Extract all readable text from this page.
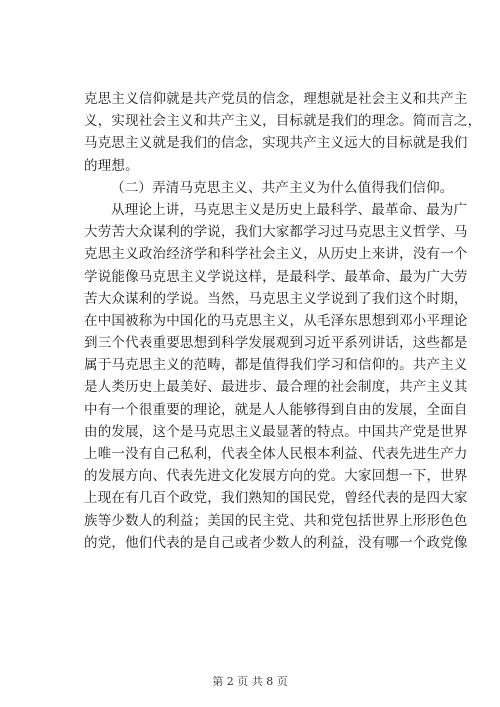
克思主义信仰就是共产党员的信念，理想就是社会主义和共产主
义，实现社会主义和共产主义，目标就是我们的理念。简而言之，
马克思主义就是我们的信念，实现共产主义远大的目标就是我们
的理想。
（二）弄清马克思主义、共产主义为什么值得我们信仰。
从理论上讲，马克思主义是历史上最科学、最革命、最为广
大劳苦大众谋利的学说，我们大家都学习过马克思主义哲学、马
克思主义政治经济学和科学社会主义，从历史上来讲，没有一个
学说能像马克思主义学说这样，是最科学、最革命、最为广大劳
苦大众谋利的学说。当然，马克思主义学说到了我们这个时期，
在中国被称为中国化的马克思主义，从毛泽东思想到邓小平理论
到三个代表重要思想到科学发展观到习近平系列讲话，这些都是
属于马克思主义的范畴，都是值得我们学习和信仰的。共产主义
是人类历史上最美好、最进步、最合理的社会制度，共产主义其
中有一个很重要的理论，就是人人能够得到自由的发展，全面自
由的发展，这个是马克思主义最显著的特点。中国共产党是世界
上唯一没有自己私利，代表全体人民根本利益、代表先进生产力
的发展方向、代表先进文化发展方向的党。大家回想一下，世界
上现在有几百个政党，我们熟知的国民党，曾经代表的是四大家
族等少数人的利益；美国的民主党、共和党包括世界上形形色色
的党，他们代表的是自己或者少数人的利益，没有哪一个政党像
第 2 页 共 8 页
